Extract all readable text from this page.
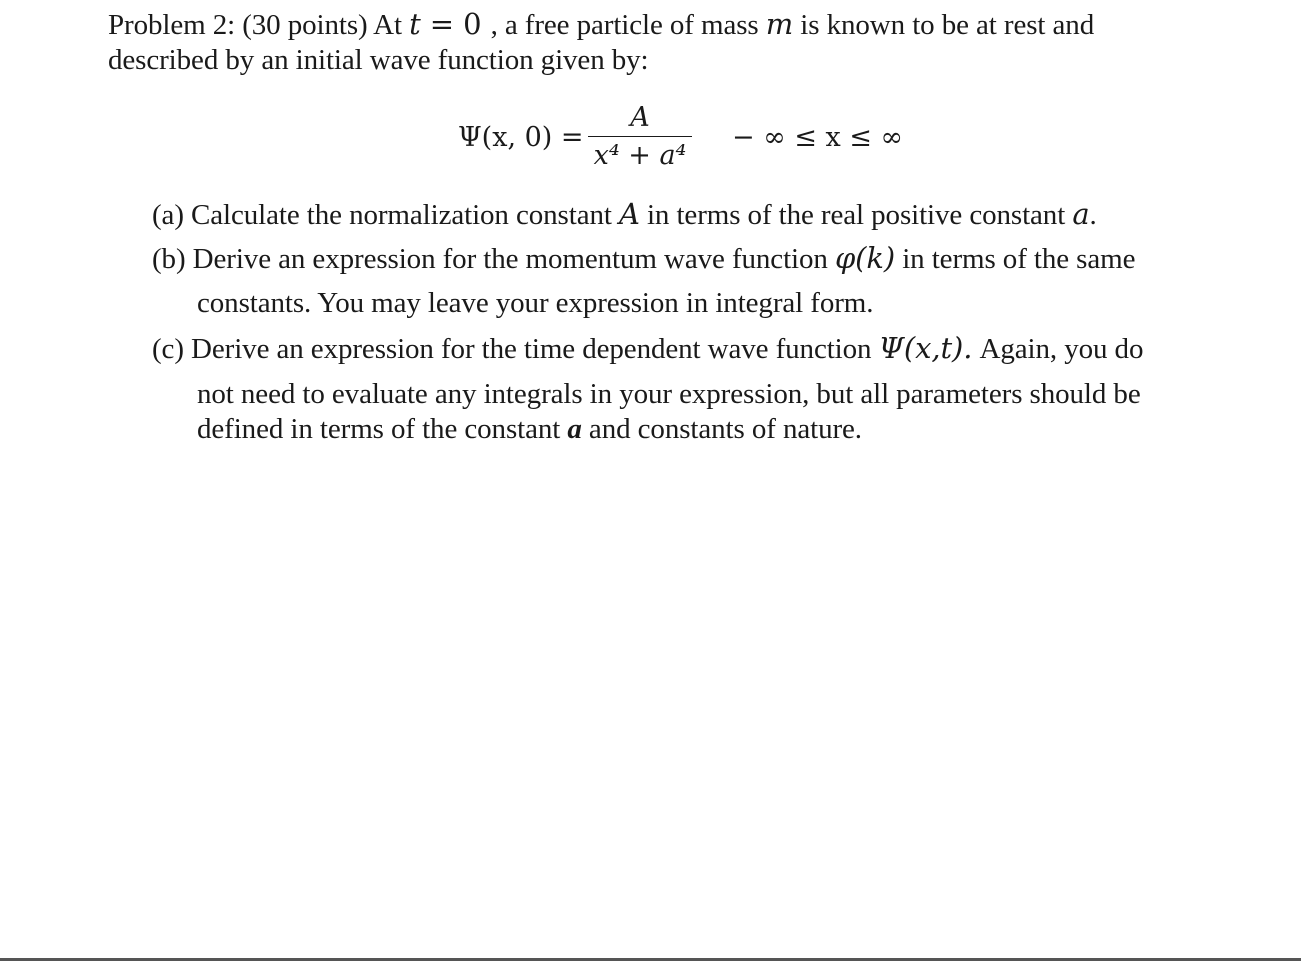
Problem 2: (30 points) At t = 0 , a free particle of mass m is known to be at rest and
described by an initial wave function given by:
Ψ(x, 0) =
A
x⁴ + a⁴
− ∞ ≤ x ≤ ∞
(a) Calculate the normalization constant A in terms of the real positive constant a.
(b) Derive an expression for the momentum wave function φ(k) in terms of the same
constants. You may leave your expression in integral form.
(c) Derive an expression for the time dependent wave function Ψ(x,t). Again, you do
not need to evaluate any integrals in your expression, but all parameters should be
defined in terms of the constant a and constants of nature.
